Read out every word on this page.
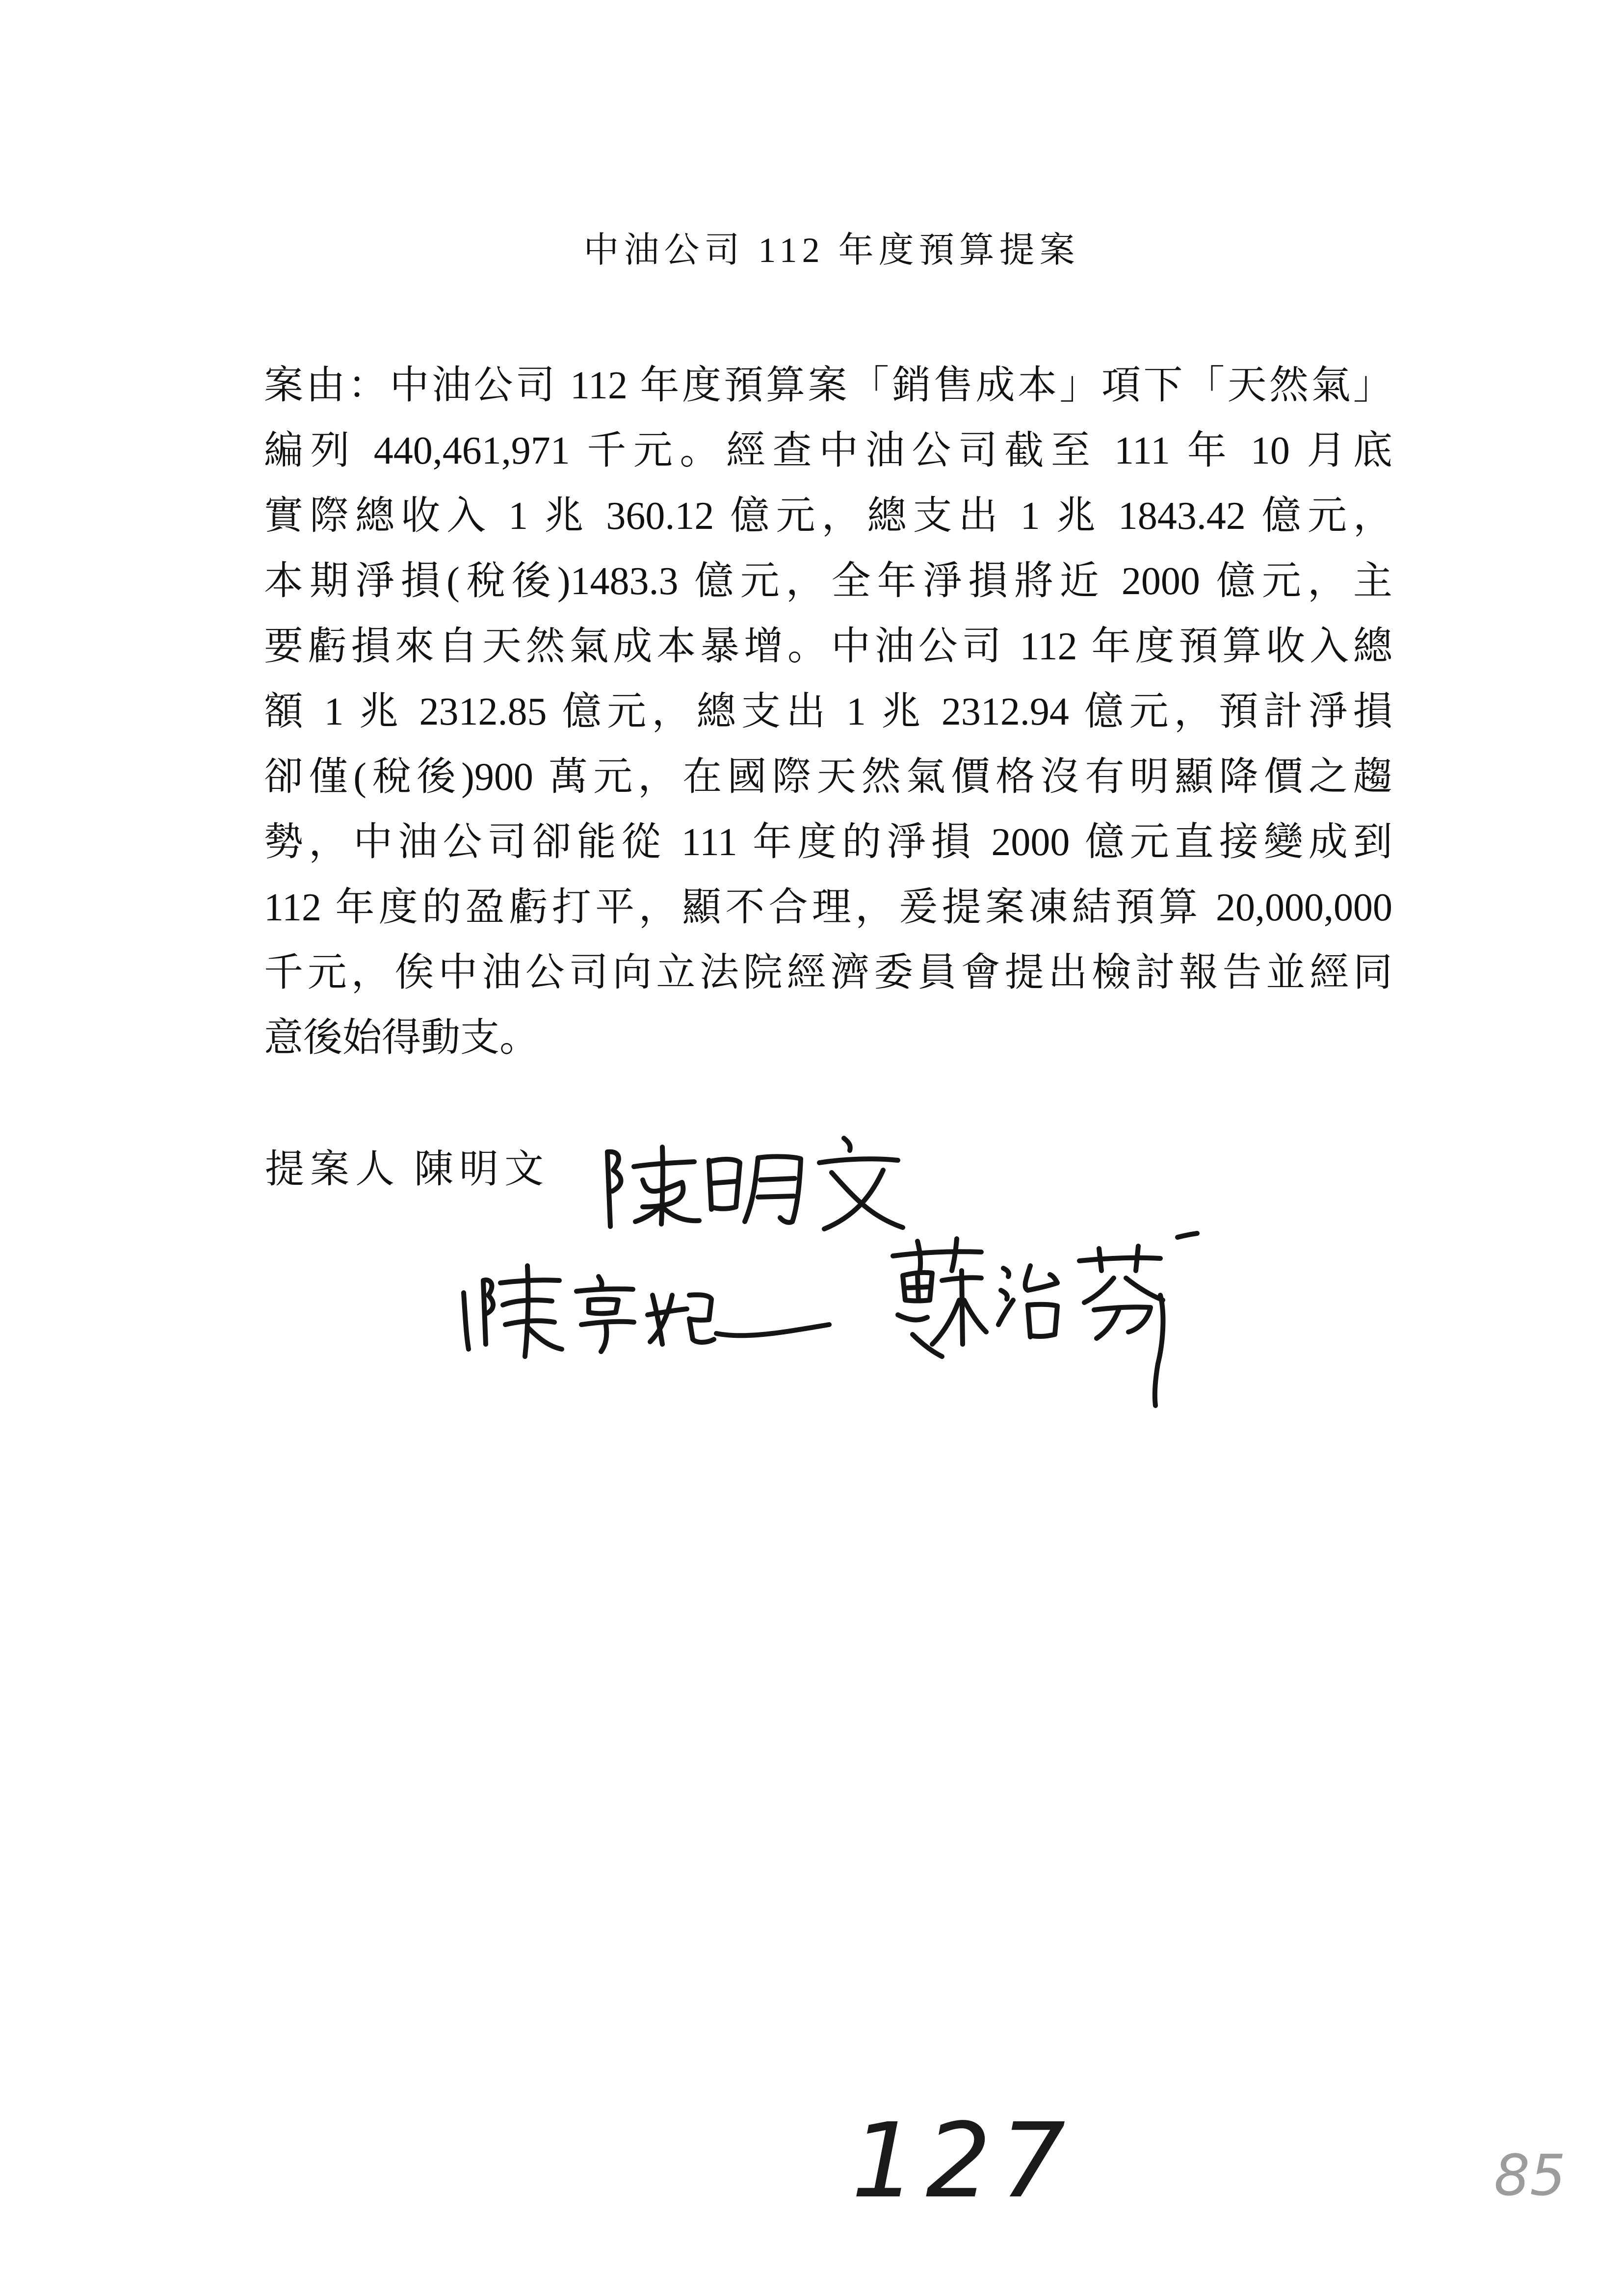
中油公司 112 年度預算提案
案由：中油公司 112 年度預算案「銷售成本」項下「天然氣」
編列 440,461,971 千元。經查中油公司截至 111 年 10 月底
實際總收入 1 兆 360.12 億元，總支出 1 兆 1843.42 億元，
本期淨損(稅後)1483.3 億元，全年淨損將近 2000 億元，主
要虧損來自天然氣成本暴增。中油公司 112 年度預算收入總
額 1 兆 2312.85 億元，總支出 1 兆 2312.94 億元，預計淨損
卻僅(稅後)900 萬元，在國際天然氣價格沒有明顯降價之趨
勢，中油公司卻能從 111 年度的淨損 2000 億元直接變成到
112 年度的盈虧打平，顯不合理，爰提案凍結預算 20,000,000
千元，俟中油公司向立法院經濟委員會提出檢討報告並經同
意後始得動支。
提案人 陳明文
127	85
